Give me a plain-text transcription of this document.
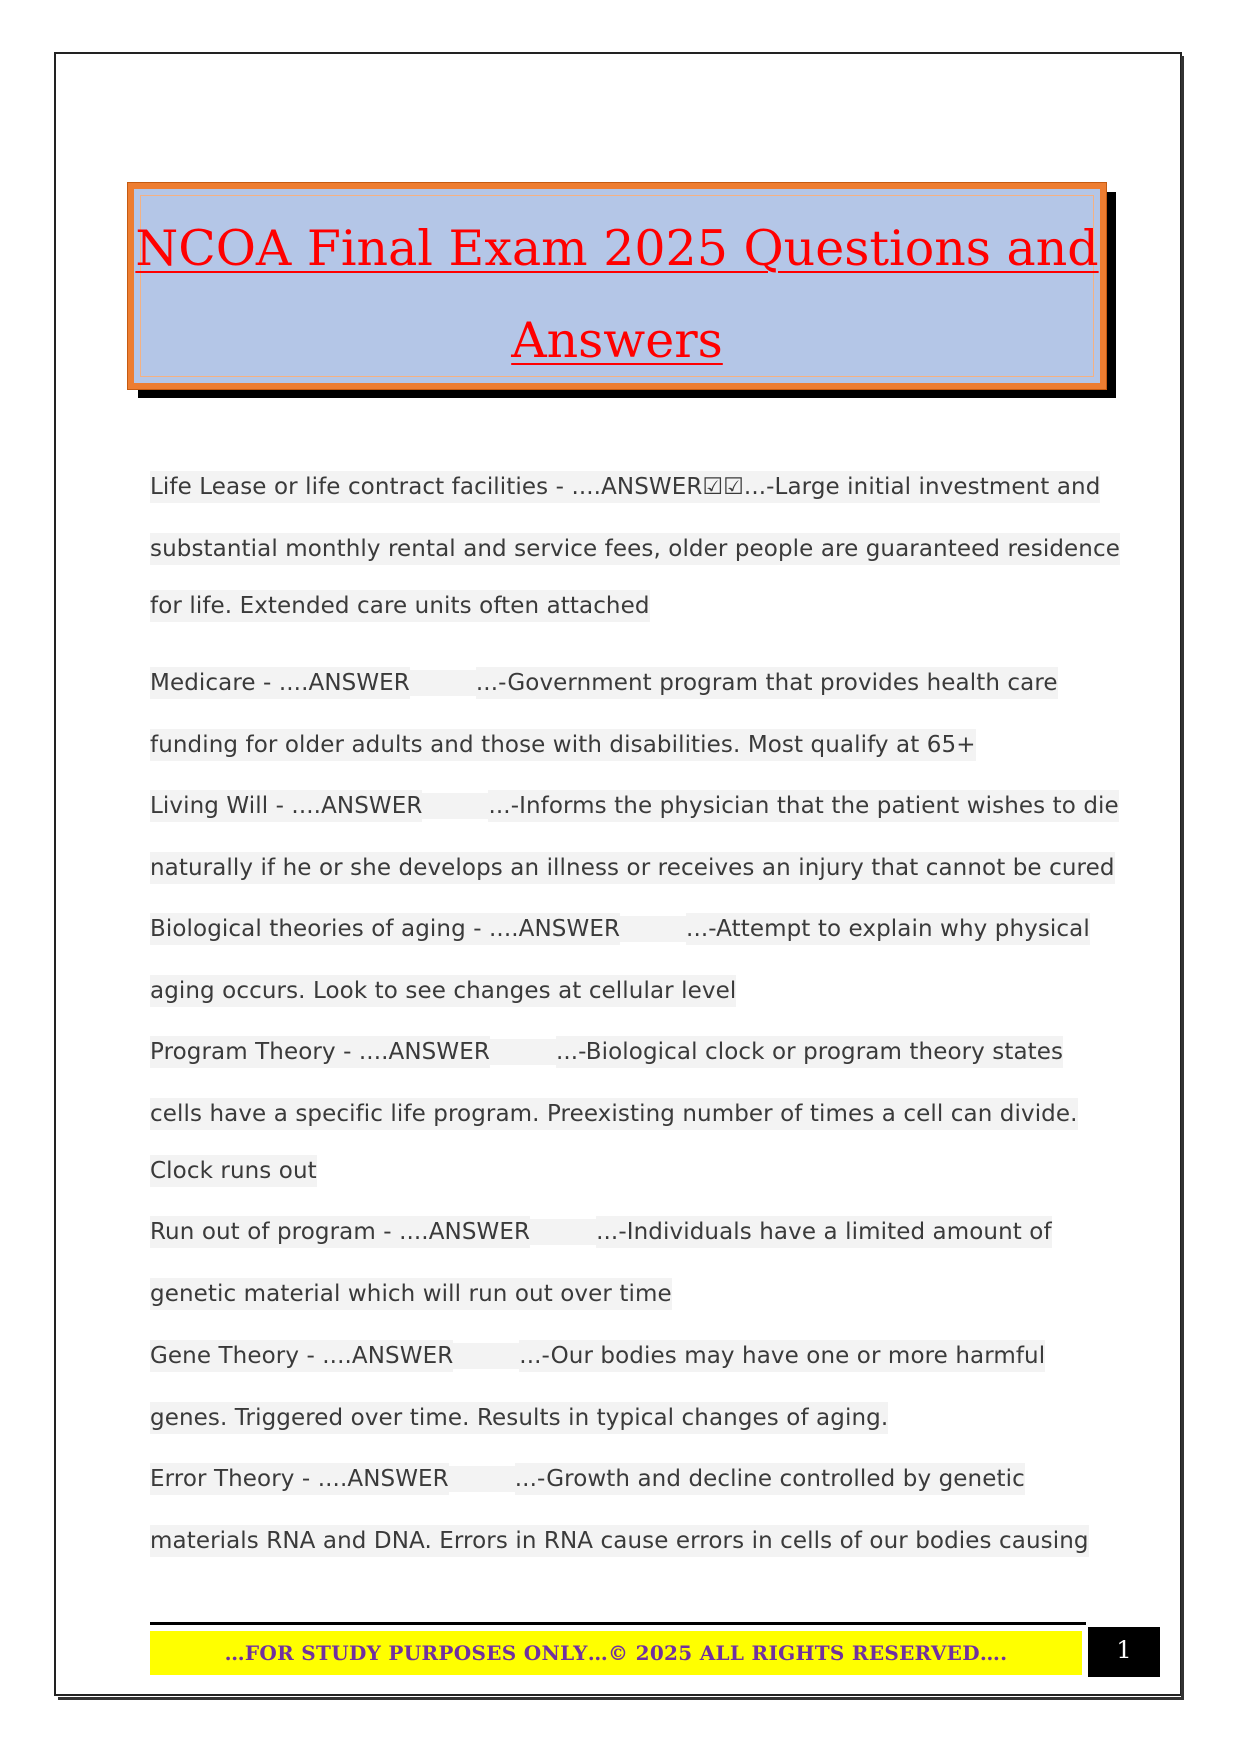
NCOA Final Exam 2025 Questions and
Answers
Life Lease or life contract facilities - ....ANSWER☑☑...-Large initial investment and
substantial monthly rental and service fees, older people are guaranteed residence
for life. Extended care units often attached
Medicare - ....ANSWER	...-Government program that provides health care
funding for older adults and those with disabilities. Most qualify at 65+
Living Will - ....ANSWER	...-Informs the physician that the patient wishes to die
naturally if he or she develops an illness or receives an injury that cannot be cured
Biological theories of aging - ....ANSWER	...-Attempt to explain why physical
aging occurs. Look to see changes at cellular level
Program Theory - ....ANSWER	...-Biological clock or program theory states
cells have a specific life program. Preexisting number of times a cell can divide.
Clock runs out
Run out of program - ....ANSWER	...-Individuals have a limited amount of
genetic material which will run out over time
Gene Theory - ....ANSWER	...-Our bodies may have one or more harmful
genes. Triggered over time. Results in typical changes of aging.
Error Theory - ....ANSWER	...-Growth and decline controlled by genetic
materials RNA and DNA. Errors in RNA cause errors in cells of our bodies causing
…FOR STUDY PURPOSES ONLY…© 2025 ALL RIGHTS RESERVED….	1
